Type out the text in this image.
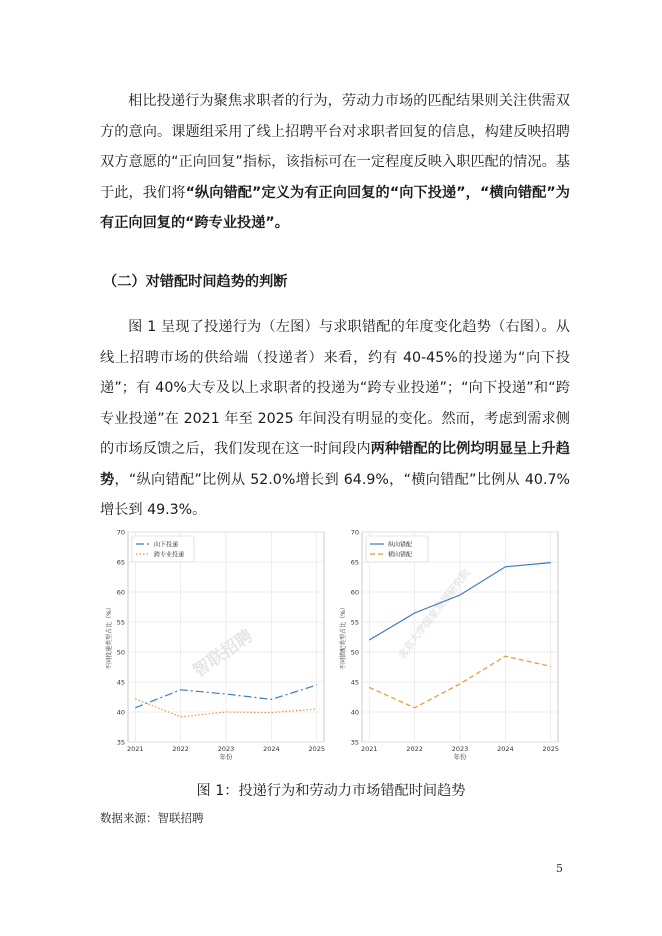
相比投递行为聚焦求职者的行为，劳动力市场的匹配结果则关注供需双方的意向。课题组采用了线上招聘平台对求职者回复的信息，构建反映招聘双方意愿的“正向回复”指标，该指标可在一定程度反映入职匹配的情况。基于此，我们将“纵向错配”定义为有正向回复的“向下投递”，“横向错配”为有正向回复的“跨专业投递”。

（二）对错配时间趋势的判断

图 1 呈现了投递行为（左图）与求职错配的年度变化趋势（右图）。从线上招聘市场的供给端（投递者）来看，约有 40-45%的投递为“向下投递”；有 40%大专及以上求职者的投递为“跨专业投递”；“向下投递”和“跨专业投递”在 2021 年至 2025 年间没有明显的变化。然而，考虑到需求侧的市场反馈之后，我们发现在这一时间段内两种错配的比例均明显呈上升趋势，“纵向错配”比例从 52.0%增长到 64.9%，“横向错配”比例从 40.7%增长到 49.3%。

35
40
45
50
55
60
65
70
2021	2022	2023	2024	2025
年份
不同投递类型占比（%）	智联招聘
向下投递
跨专业投递
35
40
45
50
55
60
65
70
2021	2022	2023	2024	2025
年份
不同错配类型占比（%）	北京大学国家发展研究院
纵向错配
横向错配
图 1：投递行为和劳动力市场错配时间趋势
数据来源：智联招聘
5
